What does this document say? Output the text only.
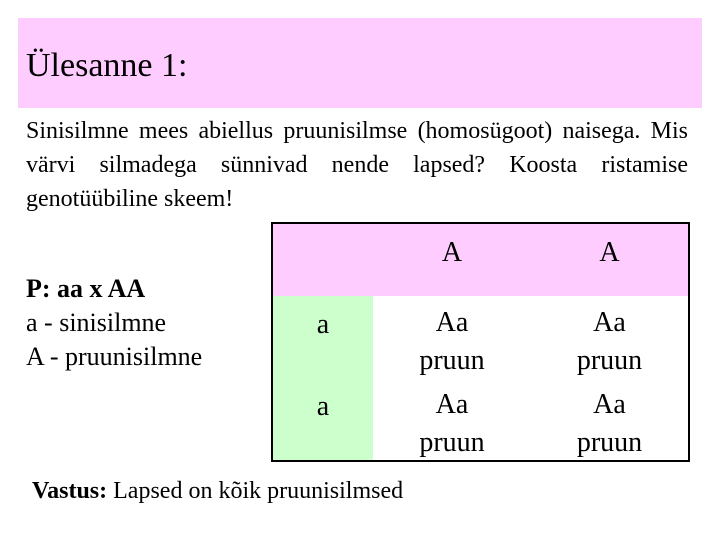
Ülesanne 1:
Sinisilmne mees abiellus pruunisilmse (homosügoot) naisega. Mis värvi silmadega sünnivad nende lapsed? Koosta ristamise genotüübiline skeem!
P: aa x AA
a - sinisilmne
A - pruunisilmne
A	A
a
a
Aa
pruun
Aa
pruun
Aa
pruun
Aa
pruun
Vastus: Lapsed on kõik pruunisilmsed
